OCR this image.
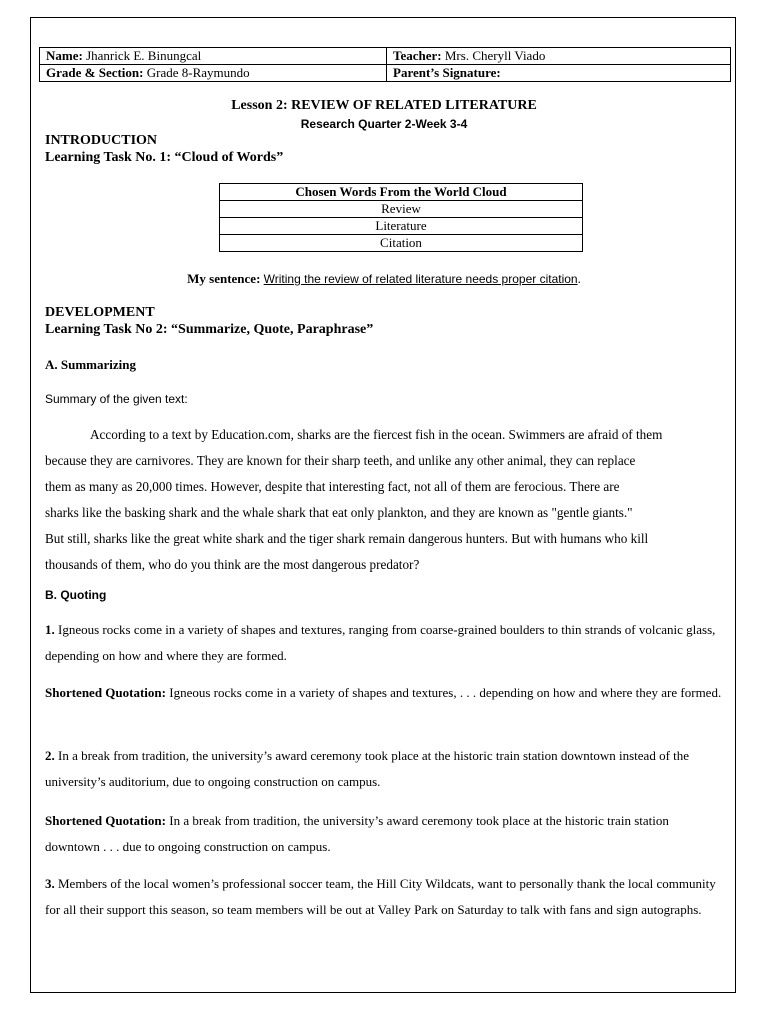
Name: Jhanrick E. Binungcal	Teacher: Mrs. Cheryll Viado
Grade & Section: Grade 8-Raymundo	Parent’s Signature:
Lesson 2: REVIEW OF RELATED LITERATURE
Research Quarter 2-Week 3-4
INTRODUCTION
Learning Task No. 1: “Cloud of Words”
Chosen Words From the World Cloud
Review
Literature
Citation
My sentence: Writing the review of related literature needs proper citation.
DEVELOPMENT
Learning Task No 2: “Summarize, Quote, Paraphrase”
A. Summarizing
Summary of the given text:
According to a text by Education.com, sharks are the fiercest fish in the ocean. Swimmers are afraid of them
because they are carnivores. They are known for their sharp teeth, and unlike any other animal, they can replace
them as many as 20,000 times. However, despite that interesting fact, not all of them are ferocious. There are
sharks like the basking shark and the whale shark that eat only plankton, and they are known as "gentle giants."
But still, sharks like the great white shark and the tiger shark remain dangerous hunters. But with humans who kill
thousands of them, who do you think are the most dangerous predator?
B. Quoting
1. Igneous rocks come in a variety of shapes and textures, ranging from coarse-grained boulders to thin strands of volcanic glass, depending on how and where they are formed.
Shortened Quotation: Igneous rocks come in a variety of shapes and textures, . . . depending on how and where they are formed.
2. In a break from tradition, the university’s award ceremony took place at the historic train station downtown instead of the university’s auditorium, due to ongoing construction on campus.
Shortened Quotation: In a break from tradition, the university’s award ceremony took place at the historic train station downtown . . . due to ongoing construction on campus.
3. Members of the local women’s professional soccer team, the Hill City Wildcats, want to personally thank the local community for all their support this season, so team members will be out at Valley Park on Saturday to talk with fans and sign autographs.
